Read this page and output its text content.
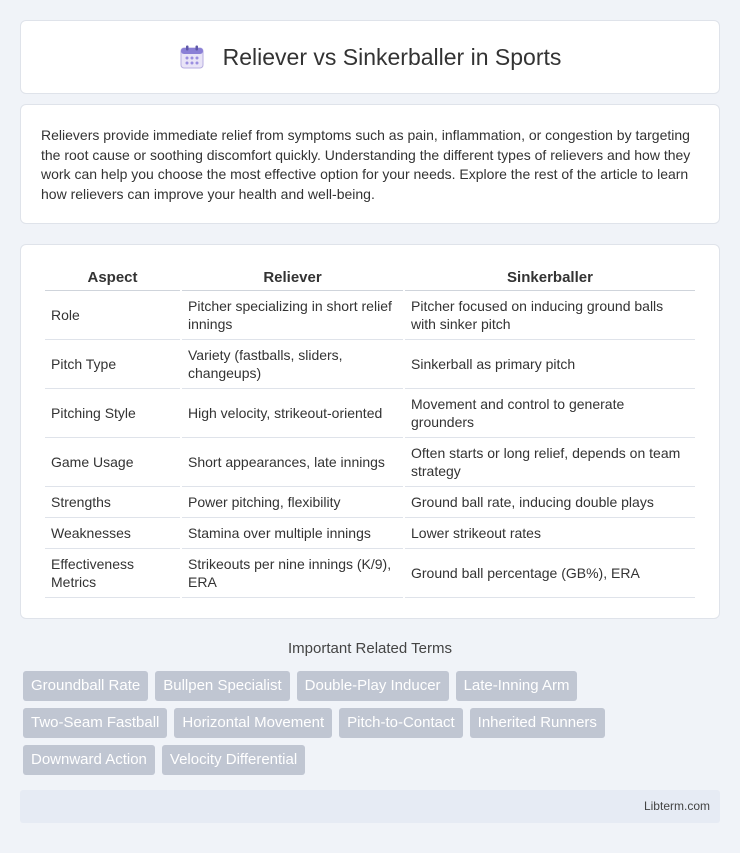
Reliever vs Sinkerballer in Sports

Relievers provide immediate relief from symptoms such as pain, inflammation, or congestion by targeting the root cause or soothing discomfort quickly. Understanding the different types of relievers and how they work can help you choose the most effective option for your needs. Explore the rest of the article to learn how relievers can improve your health and well-being.

Aspect	Reliever	Sinkerballer
Role	Pitcher specializing in short relief innings	Pitcher focused on inducing ground balls with sinker pitch
Pitch Type	Variety (fastballs, sliders, changeups)	Sinkerball as primary pitch
Pitching Style	High velocity, strikeout-oriented	Movement and control to generate grounders
Game Usage	Short appearances, late innings	Often starts or long relief, depends on team strategy
Strengths	Power pitching, flexibility	Ground ball rate, inducing double plays
Weaknesses	Stamina over multiple innings	Lower strikeout rates
Effectiveness Metrics	Strikeouts per nine innings (K/9), ERA	Ground ball percentage (GB%), ERA
Important Related Terms
Groundball Rate	Bullpen Specialist	Double-Play Inducer	Late-Inning Arm
Two-Seam Fastball	Horizontal Movement	Pitch-to-Contact	Inherited Runners
Downward Action	Velocity Differential
Libterm.com
